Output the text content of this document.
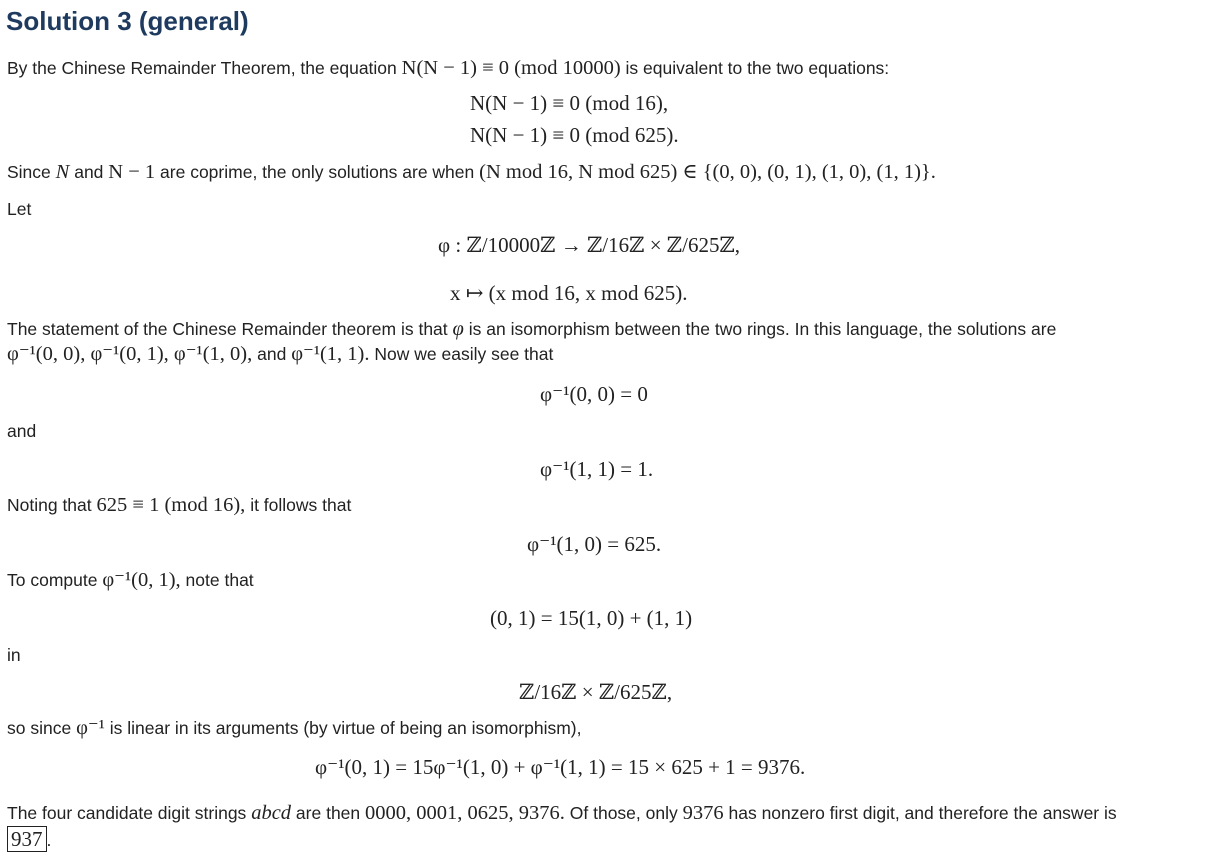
Solution 3 (general)
By the Chinese Remainder Theorem, the equation N(N − 1) ≡ 0 (mod 10000) is equivalent to the two equations:
N(N − 1) ≡ 0 (mod 16),
N(N − 1) ≡ 0 (mod 625).
Since N and N − 1 are coprime, the only solutions are when (N mod 16, N mod 625) ∈ {(0, 0), (0, 1), (1, 0), (1, 1)}.
Let
φ : ℤ/10000ℤ → ℤ/16ℤ × ℤ/625ℤ,
x ↦ (x mod 16, x mod 625).
The statement of the Chinese Remainder theorem is that φ is an isomorphism between the two rings. In this language, the solutions are
φ⁻¹(0, 0), φ⁻¹(0, 1), φ⁻¹(1, 0), and φ⁻¹(1, 1). Now we easily see that
φ⁻¹(0, 0) = 0
and
φ⁻¹(1, 1) = 1.
Noting that 625 ≡ 1 (mod 16), it follows that
φ⁻¹(1, 0) = 625.
To compute φ⁻¹(0, 1), note that
(0, 1) = 15(1, 0) + (1, 1)
in
ℤ/16ℤ × ℤ/625ℤ,
so since φ⁻¹ is linear in its arguments (by virtue of being an isomorphism),
φ⁻¹(0, 1) = 15φ⁻¹(1, 0) + φ⁻¹(1, 1) = 15 × 625 + 1 = 9376.
The four candidate digit strings abcd are then 0000, 0001, 0625, 9376. Of those, only 9376 has nonzero first digit, and therefore the answer is
937 .
